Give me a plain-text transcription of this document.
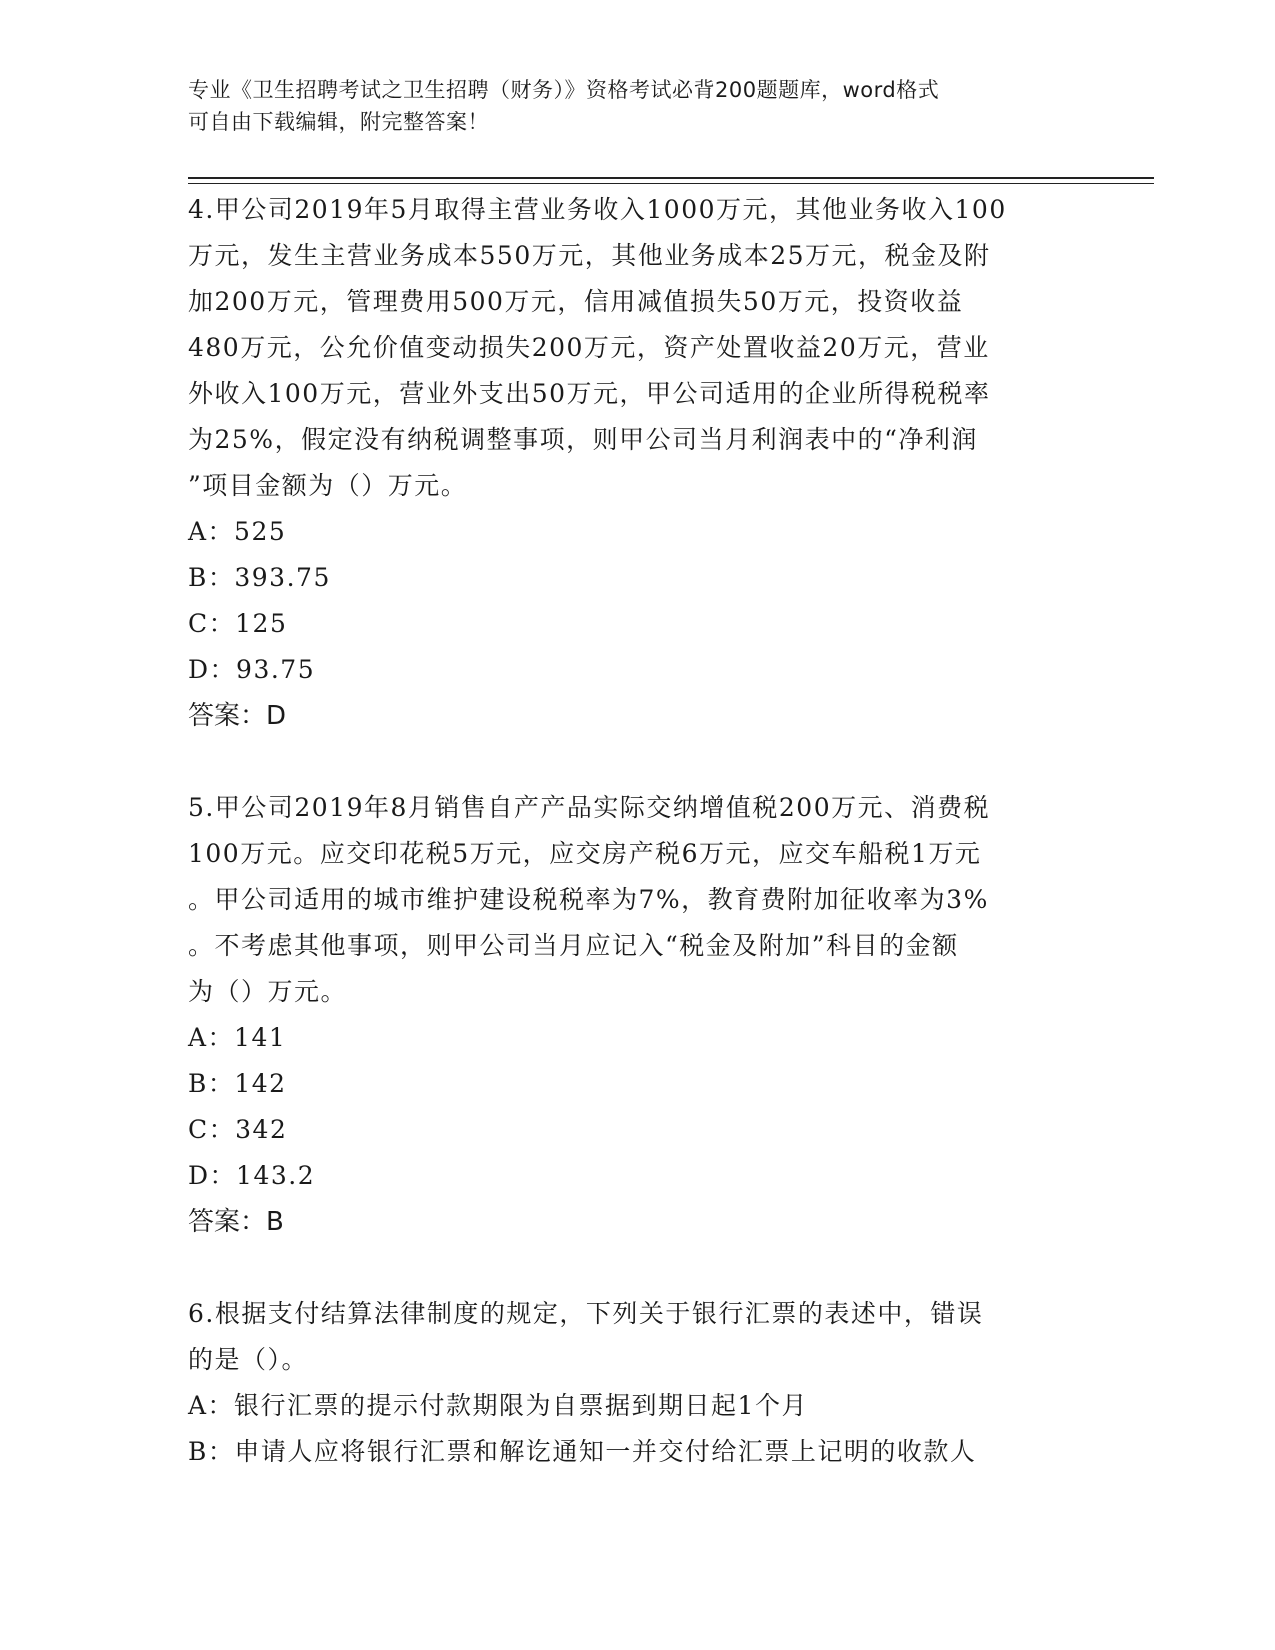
专业《卫生招聘考试之卫生招聘（财务）》资格考试必背200题题库，word格式
可自由下载编辑，附完整答案！

4.甲公司2019年5月取得主营业务收入1000万元，其他业务收入100

万元，发生主营业务成本550万元，其他业务成本25万元，税金及附

加200万元，管理费用500万元，信用减值损失50万元，投资收益

480万元，公允价值变动损失200万元，资产处置收益20万元，营业

外收入100万元，营业外支出50万元，甲公司适用的企业所得税税率

为25%，假定没有纳税调整事项，则甲公司当月利润表中的“净利润

”项目金额为（）万元。

A：525

B：393.75

C：125

D：93.75

答案：D

5.甲公司2019年8月销售自产产品实际交纳增值税200万元、消费税

100万元。应交印花税5万元，应交房产税6万元，应交车船税1万元

。甲公司适用的城市维护建设税税率为7%，教育费附加征收率为3%

。不考虑其他事项，则甲公司当月应记入“税金及附加”科目的金额

为（）万元。

A：141

B：142

C：342

D：143.2

答案：B

6.根据支付结算法律制度的规定，下列关于银行汇票的表述中，错误

的是（）。

A：银行汇票的提示付款期限为自票据到期日起1个月

B：申请人应将银行汇票和解讫通知一并交付给汇票上记明的收款人
